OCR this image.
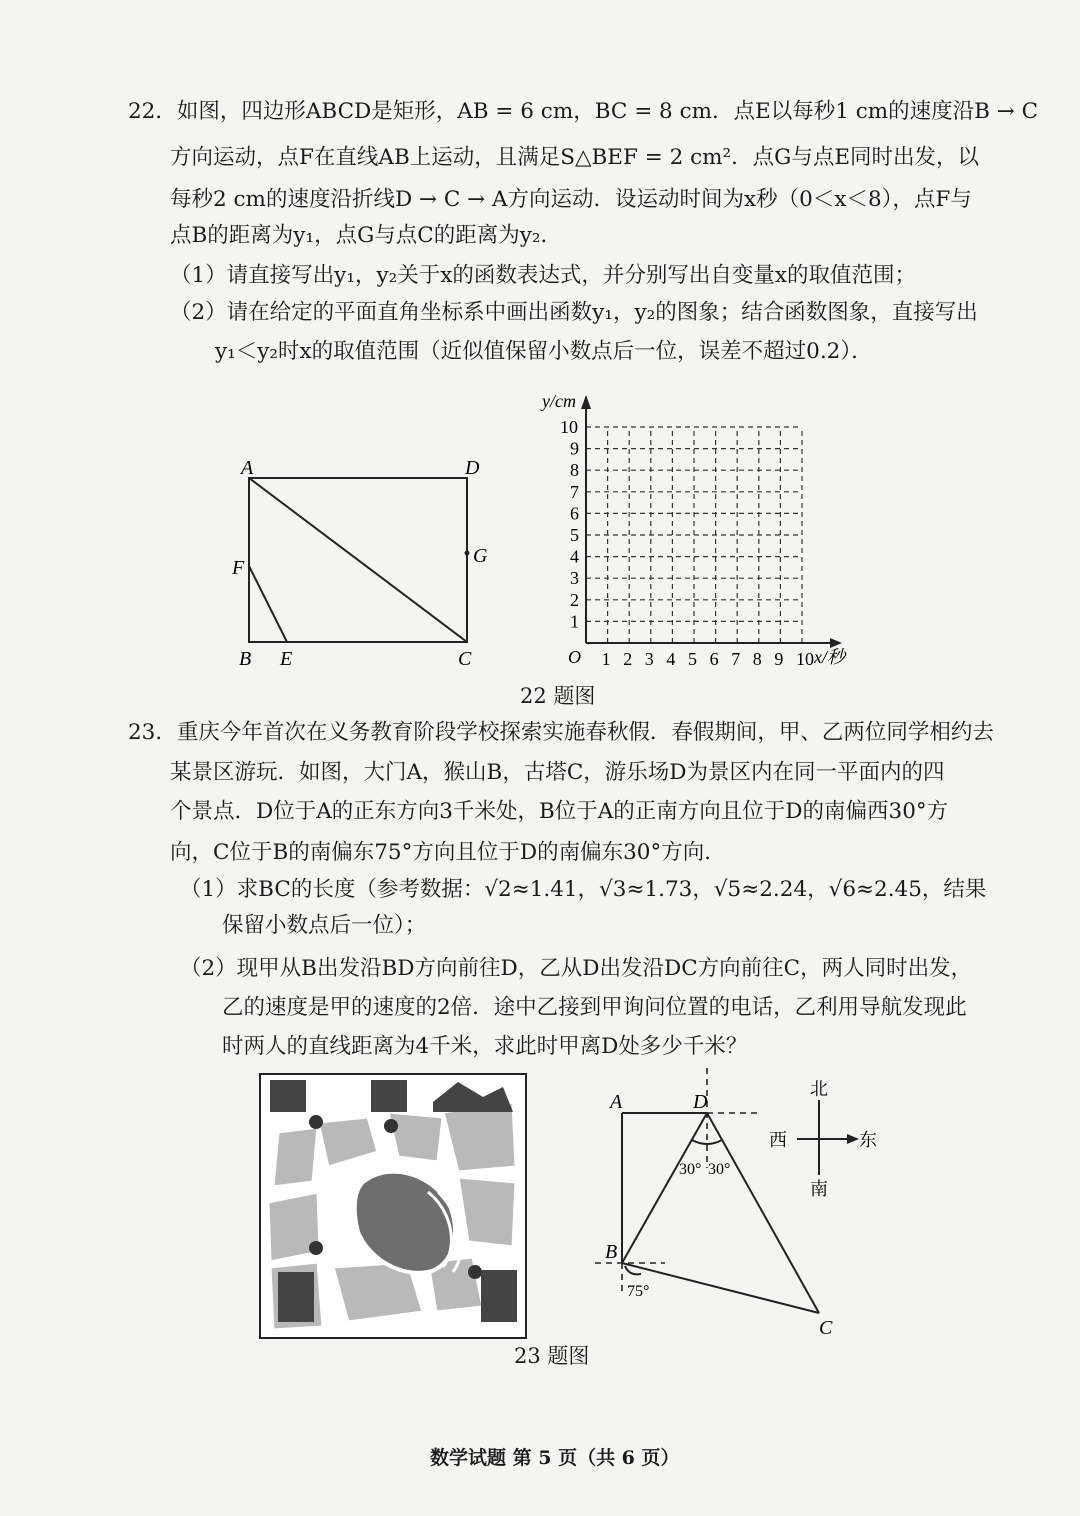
22．如图，四边形ABCD是矩形，AB = 6 cm，BC = 8 cm．点E以每秒1 cm的速度沿B → C
方向运动，点F在直线AB上运动，且满足S△BEF = 2 cm²．点G与点E同时出发，以
每秒2 cm的速度沿折线D → C → A方向运动．设运动时间为x秒（0＜x＜8），点F与
点B的距离为y₁，点G与点C的距离为y₂．
（1）请直接写出y₁，y₂关于x的函数表达式，并分别写出自变量x的取值范围；
（2）请在给定的平面直角坐标系中画出函数y₁，y₂的图象；结合函数图象，直接写出
y₁＜y₂时x的取值范围（近似值保留小数点后一位，误差不超过0.2）．
A	D
F
G
B E	C	1 2 3 4 5 6 7 8 9 10
1
2
3
4
5
6
7
8
9
10
y/cm
x/秒
O
22 题图
23．重庆今年首次在义务教育阶段学校探索实施春秋假．春假期间，甲、乙两位同学相约去
某景区游玩．如图，大门A，猴山B，古塔C，游乐场D为景区内在同一平面内的四
个景点．D位于A的正东方向3千米处，B位于A的正南方向且位于D的南偏西30°方
向，C位于B的南偏东75°方向且位于D的南偏东30°方向．
（1）求BC的长度（参考数据：√2≈1.41，√3≈1.73，√5≈2.24，√6≈2.45，结果
保留小数点后一位）；
（2）现甲从B出发沿BD方向前往D，乙从D出发沿DC方向前往C，两人同时出发，
乙的速度是甲的速度的2倍．途中乙接到甲询问位置的电话，乙利用导航发现此
时两人的直线距离为4千米，求此时甲离D处多少千米？
A	D
B
C
30° 30°
75°
北
西	东
南
23 题图
数学试题 第 5 页（共 6 页）
